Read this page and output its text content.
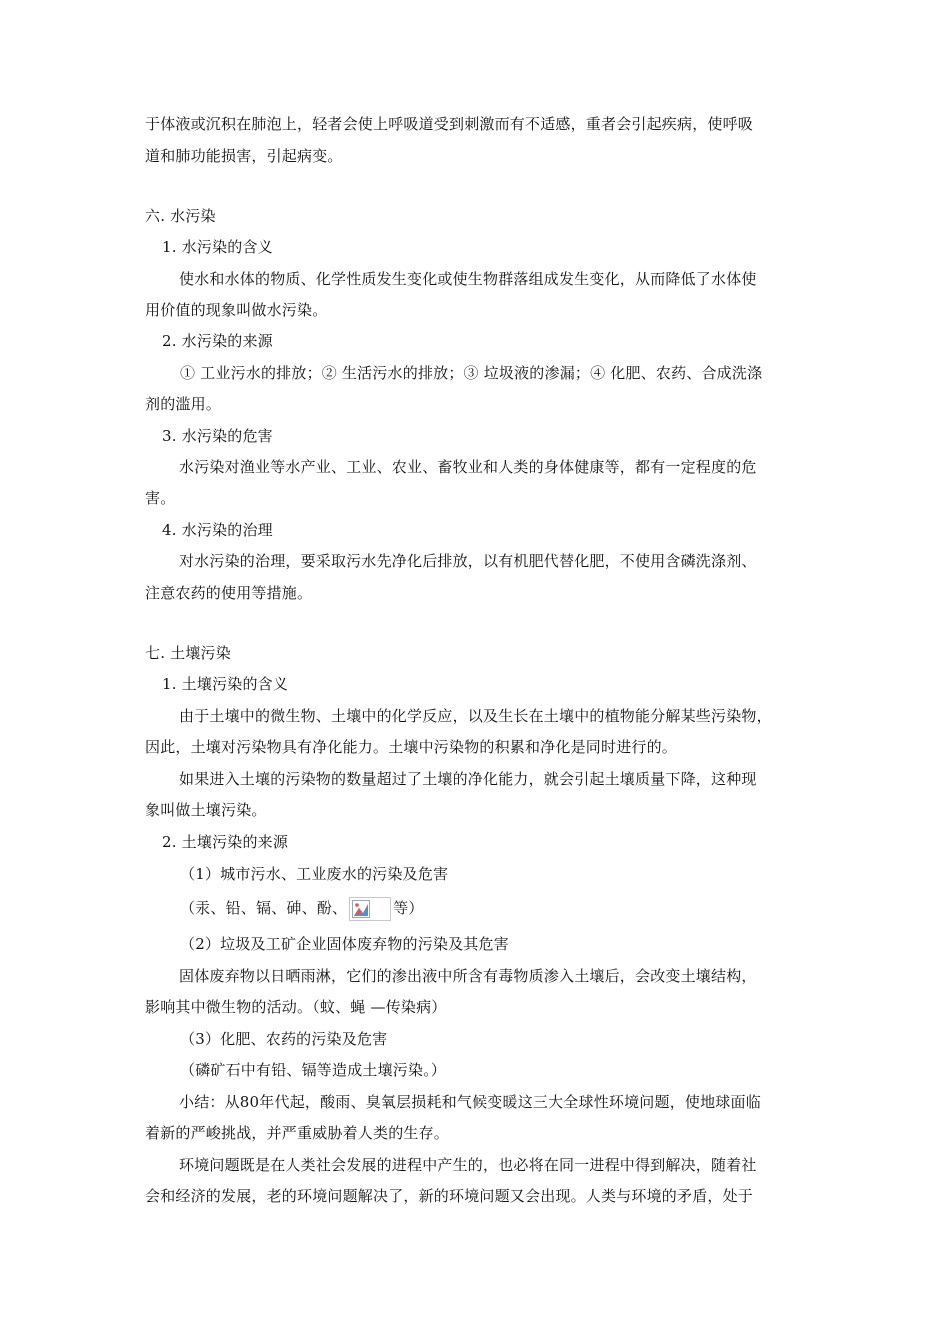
于体液或沉积在肺泡上，轻者会使上呼吸道受到刺激而有不适感，重者会引起疾病，使呼吸
道和肺功能损害，引起病变。
六. 水污染
1. 水污染的含义
使水和水体的物质、化学性质发生变化或使生物群落组成发生变化，从而降低了水体使
用价值的现象叫做水污染。
2. 水污染的来源
① 工业污水的排放；② 生活污水的排放；③ 垃圾液的渗漏；④ 化肥、农药、合成洗涤
剂的滥用。
3. 水污染的危害
水污染对渔业等水产业、工业、农业、畜牧业和人类的身体健康等，都有一定程度的危
害。
4. 水污染的治理
对水污染的治理，要采取污水先净化后排放，以有机肥代替化肥，不使用含磷洗涤剂、
注意农药的使用等措施。
七. 土壤污染
1. 土壤污染的含义
由于土壤中的微生物、土壤中的化学反应，以及生长在土壤中的植物能分解某些污染物，
因此，土壤对污染物具有净化能力。土壤中污染物的积累和净化是同时进行的。
如果进入土壤的污染物的数量超过了土壤的净化能力，就会引起土壤质量下降，这种现
象叫做土壤污染。
2. 土壤污染的来源
（1）城市污水、工业废水的污染及危害
（汞、铅、镉、砷、酚、	等）
（2）垃圾及工矿企业固体废弃物的污染及其危害
固体废弃物以日晒雨淋，它们的渗出液中所含有毒物质渗入土壤后，会改变土壤结构，
影响其中微生物的活动。（蚊、蝇 —传染病）
（3）化肥、农药的污染及危害
（磷矿石中有铅、镉等造成土壤污染。）
小结：从80年代起，酸雨、臭氧层损耗和气候变暖这三大全球性环境问题，使地球面临
着新的严峻挑战，并严重威胁着人类的生存。
环境问题既是在人类社会发展的进程中产生的，也必将在同一进程中得到解决，随着社
会和经济的发展，老的环境问题解决了，新的环境问题又会出现。人类与环境的矛盾，处于
